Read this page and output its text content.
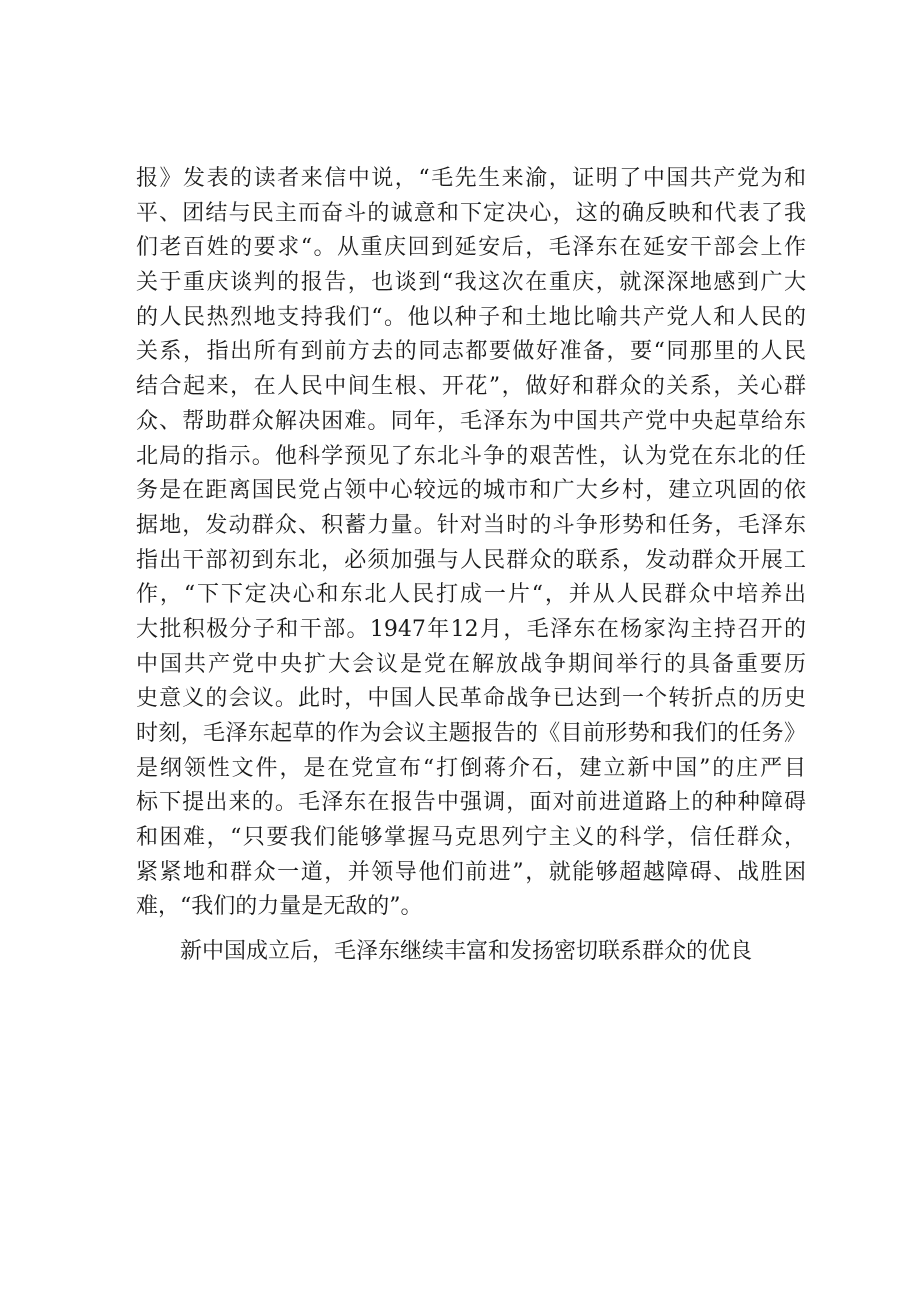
报》发表的读者来信中说，“毛先生来渝，证明了中国共产党为和
平、团结与民主而奋斗的诚意和下定决心，这的确反映和代表了我
们老百姓的要求“。从重庆回到延安后，毛泽东在延安干部会上作
关于重庆谈判的报告，也谈到“我这次在重庆，就深深地感到广大
的人民热烈地支持我们“。他以种子和土地比喻共产党人和人民的
关系，指出所有到前方去的同志都要做好准备，要“同那里的人民
结合起来，在人民中间生根、开花”，做好和群众的关系，关心群
众、帮助群众解决困难。同年，毛泽东为中国共产党中央起草给东
北局的指示。他科学预见了东北斗争的艰苦性，认为党在东北的任
务是在距离国民党占领中心较远的城市和广大乡村，建立巩固的依
据地，发动群众、积蓄力量。针对当时的斗争形势和任务，毛泽东
指出干部初到东北，必须加强与人民群众的联系，发动群众开展工
作，“下下定决心和东北人民打成一片“，并从人民群众中培养出
大批积极分子和干部。1947年12月，毛泽东在杨家沟主持召开的
中国共产党中央扩大会议是党在解放战争期间举行的具备重要历
史意义的会议。此时，中国人民革命战争已达到一个转折点的历史
时刻，毛泽东起草的作为会议主题报告的《目前形势和我们的任务》
是纲领性文件，是在党宣布“打倒蒋介石，建立新中国”的庄严目
标下提出来的。毛泽东在报告中强调，面对前进道路上的种种障碍
和困难，“只要我们能够掌握马克思列宁主义的科学，信任群众，
紧紧地和群众一道，并领导他们前进”，就能够超越障碍、战胜困
难，“我们的力量是无敌的”。
新中国成立后，毛泽东继续丰富和发扬密切联系群众的优良
